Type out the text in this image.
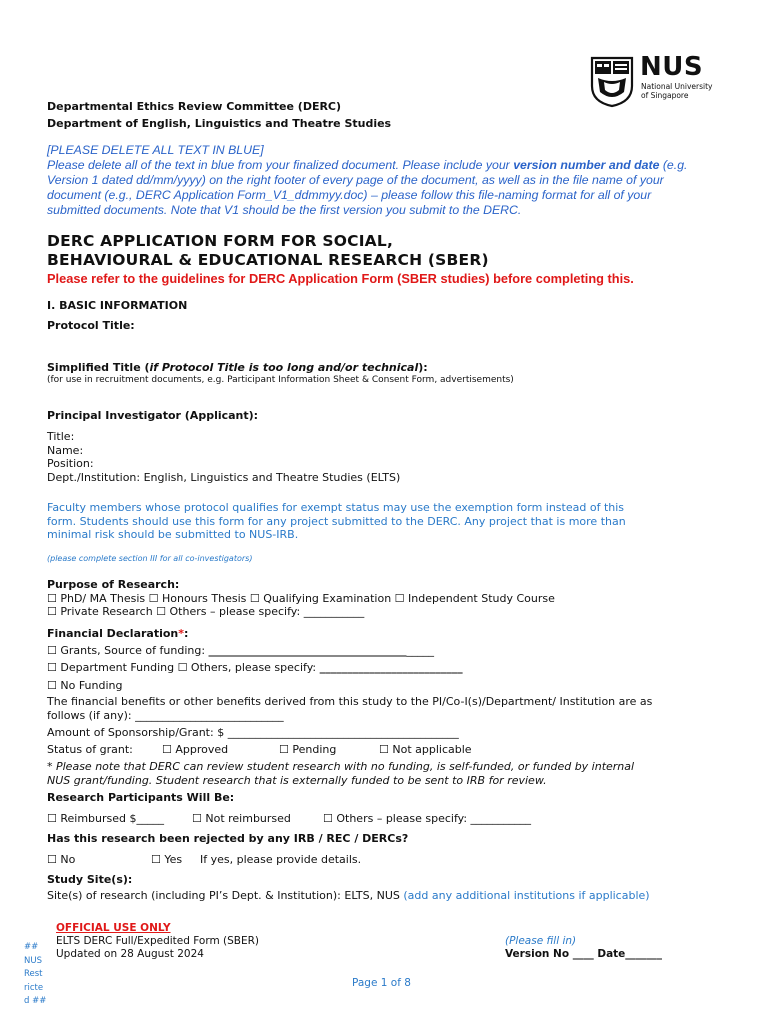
NUS
National University
of Singapore
Departmental Ethics Review Committee (DERC)
Department of English, Linguistics and Theatre Studies
[PLEASE DELETE ALL TEXT IN BLUE]
Please delete all of the text in blue from your finalized document. Please include your version number and date (e.g.
Version 1 dated dd/mm/yyyy) on the right footer of every page of the document, as well as in the file name of your
document (e.g., DERC Application Form_V1_ddmmyy.doc) – please follow this file-naming format for all of your
submitted documents. Note that V1 should be the first version you submit to the DERC.
DERC APPLICATION FORM FOR SOCIAL,
BEHAVIOURAL & EDUCATIONAL RESEARCH (SBER)
Please refer to the guidelines for DERC Application Form (SBER studies) before completing this.
I. BASIC INFORMATION
Protocol Title:
Simplified Title (if Protocol Title is too long and/or technical):
(for use in recruitment documents, e.g. Participant Information Sheet & Consent Form, advertisements)
Principal Investigator (Applicant):
Title:
Name:
Position:
Dept./Institution: English, Linguistics and Theatre Studies (ELTS)
Faculty members whose protocol qualifies for exempt status may use the exemption form instead of this
form. Students should use this form for any project submitted to the DERC. Any project that is more than
minimal risk should be submitted to NUS-IRB.
(please complete section III for all co-investigators)
Purpose of Research:
☐ PhD/ MA Thesis ☐ Honours Thesis ☐ Qualifying Examination ☐ Independent Study Course
☐ Private Research ☐ Others – please specify: ___________
Financial Declaration*:
☐ Grants, Source of funding: _________________________________________
☐ Department Funding ☐ Others, please specify: __________________________
☐ No Funding
The financial benefits or other benefits derived from this study to the PI/Co-I(s)/Department/ Institution are as
follows (if any): ___________________________
Amount of Sponsorship/Grant: $ __________________________________________
Status of grant:	☐ Approved	☐ Pending	☐ Not applicable
* Please note that DERC can review student research with no funding, is self-funded, or funded by internal
NUS grant/funding. Student research that is externally funded to be sent to IRB for review.
Research Participants Will Be:
☐ Reimbursed $_____	☐ Not reimbursed	☐ Others – please specify: ___________
Has this research been rejected by any IRB / REC / DERCs?
☐ No	☐ Yes If yes, please provide details.
Study Site(s):
Site(s) of research (including PI’s Dept. & Institution): ELTS, NUS (add any additional institutions if applicable)
##
NUS
Rest
ricte
d ##
OFFICIAL USE ONLY
ELTS DERC Full/Expedited Form (SBER)
Updated on 28 August 2024
(Please fill in)
Version No ____ Date_______
Page 1 of 8
